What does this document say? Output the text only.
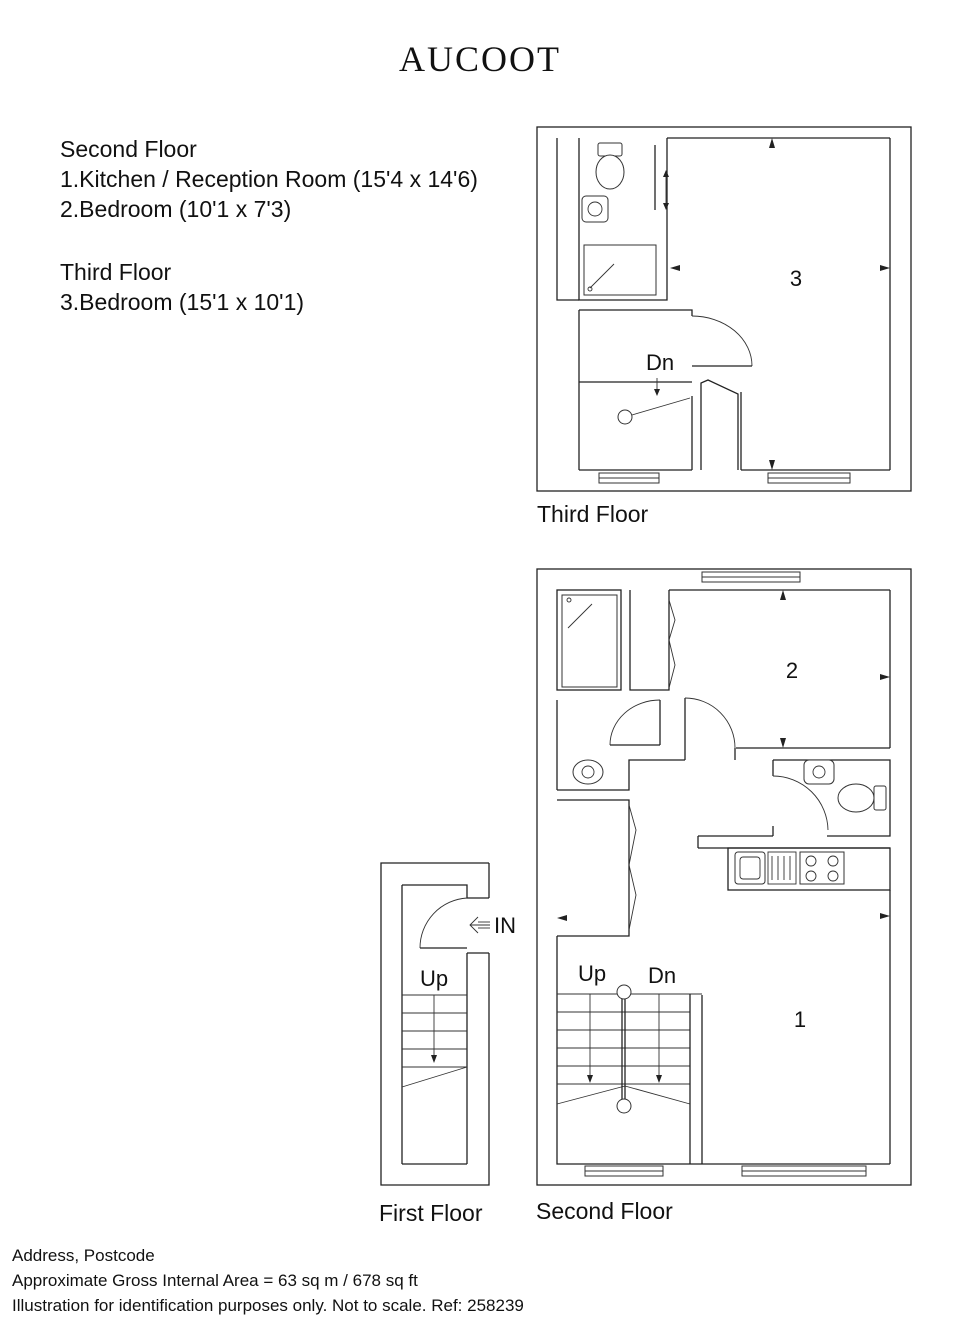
AUCOOT
Second Floor
1.Kitchen / Reception Room (15'4 x 14'6)
2.Bedroom (10'1 x 7'3)
Third Floor
3.Bedroom (15'1 x 10'1)
3
Dn
2
1
Up Dn
IN
Up
Third Floor
First Floor Second Floor
Address, Postcode
Approximate Gross Internal Area = 63 sq m / 678 sq ft
Illustration for identification purposes only. Not to scale. Ref: 258239
